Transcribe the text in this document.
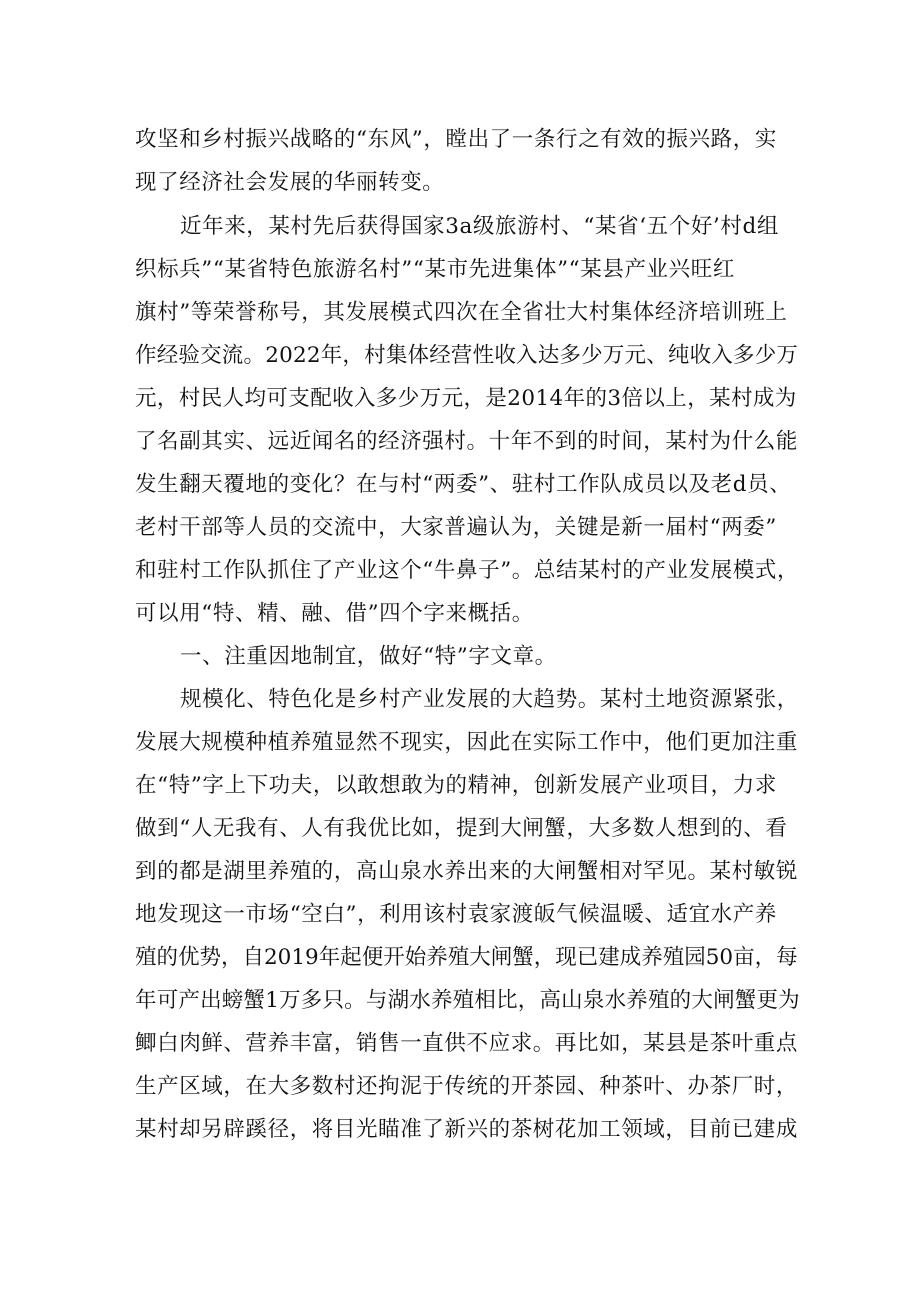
攻坚和乡村振兴战略的“东风”，瞠出了一条行之有效的振兴路，实
现了经济社会发展的华丽转变。
近年来，某村先后获得国家3a级旅游村、“某省‘五个好’村d组
织标兵”“某省特色旅游名村”“某市先进集体”“某县产业兴旺红
旗村”等荣誉称号，其发展模式四次在全省壮大村集体经济培训班上
作经验交流。2022年，村集体经营性收入达多少万元、纯收入多少万
元，村民人均可支配收入多少万元，是2014年的3倍以上，某村成为
了名副其实、远近闻名的经济强村。十年不到的时间，某村为什么能
发生翻天覆地的变化？在与村“两委”、驻村工作队成员以及老d员、
老村干部等人员的交流中，大家普遍认为，关键是新一届村“两委”
和驻村工作队抓住了产业这个“牛鼻子”。总结某村的产业发展模式，
可以用“特、精、融、借”四个字来概括。
一、注重因地制宜，做好“特”字文章。
规模化、特色化是乡村产业发展的大趋势。某村土地资源紧张，
发展大规模种植养殖显然不现实，因此在实际工作中，他们更加注重
在“特”字上下功夫，以敢想敢为的精神，创新发展产业项目，力求
做到“人无我有、人有我优比如，提到大闸蟹，大多数人想到的、看
到的都是湖里养殖的，高山泉水养出来的大闸蟹相对罕见。某村敏锐
地发现这一市场“空白”，利用该村袁家渡皈气候温暖、适宜水产养
殖的优势，自2019年起便开始养殖大闸蟹，现已建成养殖园50亩，每
年可产出螃蟹1万多只。与湖水养殖相比，高山泉水养殖的大闸蟹更为
鲫白肉鲜、营养丰富，销售一直供不应求。再比如，某县是茶叶重点
生产区域，在大多数村还拘泥于传统的开茶园、种茶叶、办茶厂时，
某村却另辟蹊径，将目光瞄准了新兴的茶树花加工领域，目前已建成
